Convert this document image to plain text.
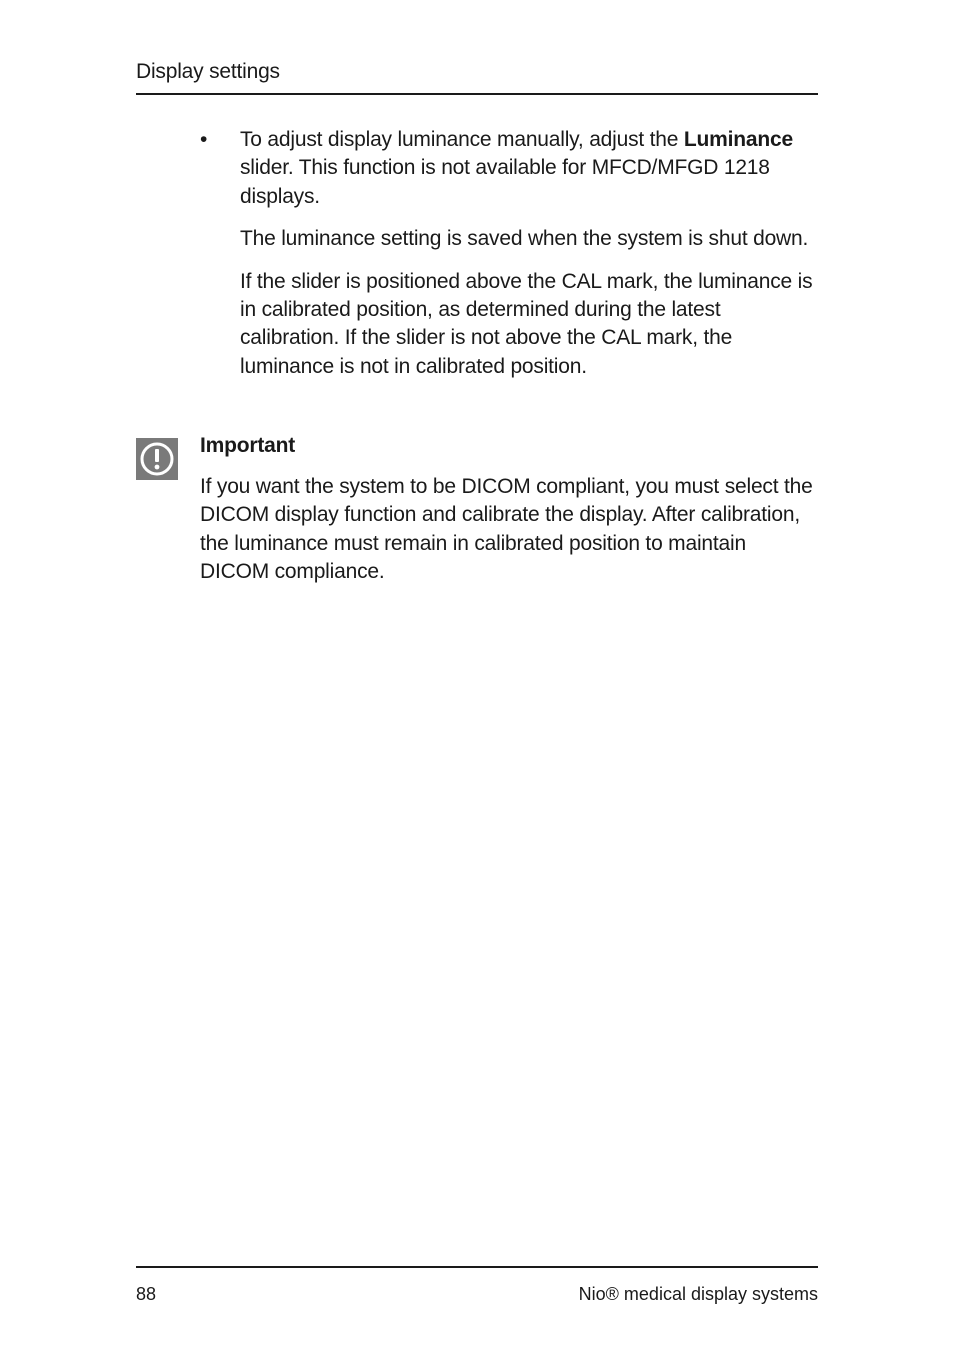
Display settings
• To adjust display luminance manually, adjust the Luminance slider. This function is not available for MFCD/MFGD 1218 displays.

The luminance setting is saved when the system is shut down.

If the slider is positioned above the CAL mark, the luminance is in calibrated position, as determined during the latest calibration. If the slider is not above the CAL mark, the luminance is not in calibrated position.

Important

If you want the system to be DICOM compliant, you must select the DICOM display function and calibrate the display. After calibration, the luminance must remain in calibrated position to maintain DICOM compliance.

88	Nio® medical display systems
